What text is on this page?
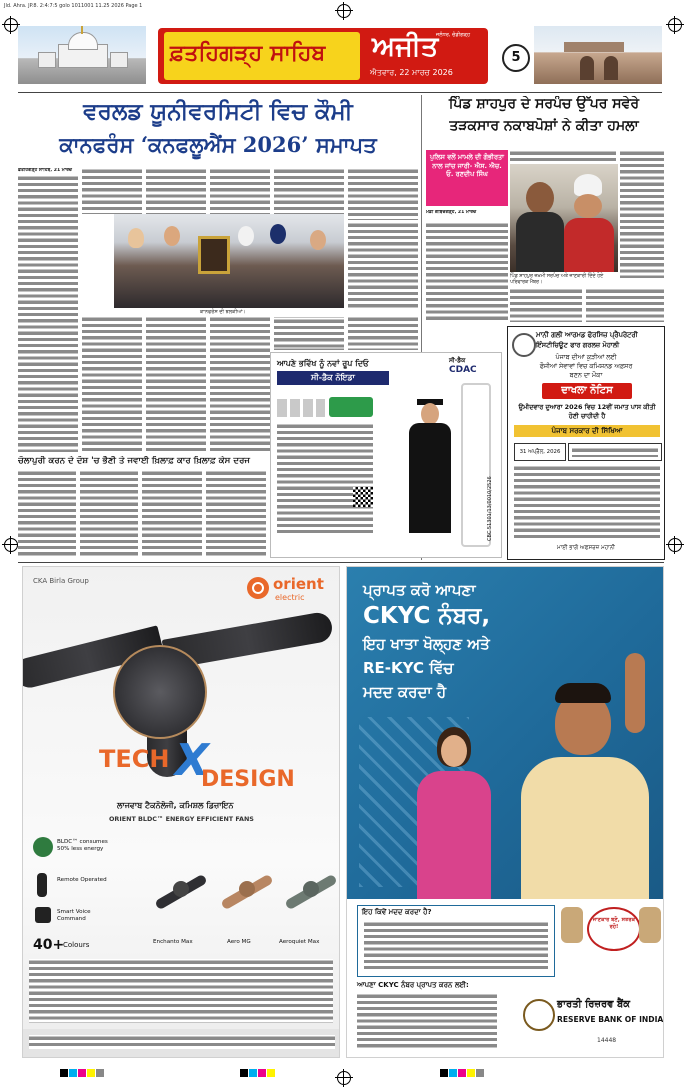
Jld. Ahra. JP.8. 2:4:7:5 golo 1011001 11.25 2026 Page 1
ਫ਼ਤਹਿਗੜ੍ਹ ਸਾਹਿਬ ਅਜੀਤ
ਜਲੰਧਰ, ਚੰਡੀਗੜ੍ਹ
ਐਤਵਾਰ, 22 ਮਾਰਚ 2026
5
ਵਰਲਡ ਯੂਨੀਵਰਸਿਟੀ ਵਿਚ ਕੌਮੀ
ਕਾਨਫਰੰਸ ‘ਕਨਫਲੂਐਂਸ 2026’ ਸਮਾਪਤ
ਫ਼ਤਹਿਗੜ੍ਹ ਸਾਹਿਬ, 21 ਮਾਰਚ
ਕਾਨਫਰੰਸ ਦੀ ਝਲਕੀਆਂ।
ਪਿੰਡ ਸ਼ਾਹਪੁਰ ਦੇ ਸਰਪੰਚ ਉੱਪਰ ਸਵੇਰੇ
ਤੜਕਸਾਰ ਨਕਾਬਪੋਸ਼ਾਂ ਨੇ ਕੀਤਾ ਹਮਲਾ
ਪੁਲਿਸ ਵਲੋਂ ਮਾਮਲੇ ਦੀ ਗੰਭੀਰਤਾ ਨਾਲ ਜਾਂਚ ਜਾਰੀ- ਐਸ. ਐਚ. ਓ. ਰਣਦੀਪ ਸਿੰਘ
ਮੰਡੀ ਗੋਬਿੰਦਗੜ੍ਹ, 21 ਮਾਰਚ
ਪਿੰਡ ਸ਼ਾਹਪੁਰ ਜ਼ਖ਼ਮੀ ਸਰਪੰਚ ਅਤੇ ਜਾਣਕਾਰੀ ਦਿੰਦੇ ਹੋਏ ਪਰਿਵਾਰਕ ਮੈਂਬਰ।
ਮਾਨੀ ਗਲੀ ਆਰਮਡ ਫੋਰਸਿਜ਼ ਪ੍ਰੈਪਰੇਟਰੀ
ਇੰਸਟੀਚਿਊਟ ਫਾਰ ਗਰਲਜ਼ ਮੋਹਾਲੀ
ਪੰਜਾਬ ਦੀਆਂ ਕੁੜੀਆਂ ਲਈ
ਫੌਜੀਆਂ ਸੇਵਾਵਾਂ ਵਿਚ ਕਮਿਸ਼ਨਡ ਅਫ਼ਸਰ
ਬਣਨ ਦਾ ਮੌਕਾ
ਦਾਖਲਾ ਨੋਟਿਸ
ਉਮੀਦਵਾਰ ਦੁਆਰਾ 2026 ਵਿਚ 12ਵੀਂ ਜਮਾਤ ਪਾਸ ਕੀਤੀ ਹੋਣੀ ਚਾਹੀਦੀ ਹੈ
ਪੰਜਾਬ ਸਰਕਾਰ ਦੀ ਸਿੱਖਿਆ
31 ਅਪ੍ਰੈਲ, 2026
ਮਾਈ ਭਾਗੋ ਅਫਸਰਜ਼ ਮਹਾਨੀ
ਆਪਣੇ ਭਵਿੱਖ ਨੂੰ ਨਵਾਂ ਰੂਪ ਦਿਓ
ਸੀ-ਡੈਕ ਨੋਇਡਾ
ਸੀ-ਡੈਕ
CDAC
CBC 51301/13/0010/2526
ਚੋਲਾਪੁਰੀ ਕਰਨ ਦੇ ਦੋਸ਼ 'ਚ ਭੈਣੀ ਤੇ ਜਵਾਈ ਖ਼ਿਲਾਫ਼ ਕਾਰ ਖ਼ਿਲਾਫ਼ ਕੇਸ ਦਰਜ
CKA Birla Group	orient
electric
TECH X
DESIGN
ਲਾਜਵਾਬ ਟੈਕਨੋਲੋਜੀ, ਕਮਿਸ਼ਲ ਡਿਜ਼ਾਇਨ
ORIENT BLDC™ ENERGY EFFICIENT FANS
BLDC™ consumes 50% less energy
Remote Operated
Smart Voice Command
40+
Colours	Enchanto Max	Aero MG	Aeroquiet Max
ਪ੍ਰਾਪਤ ਕਰੋ ਆਪਣਾ
CKYC ਨੰਬਰ,
ਇਹ ਖਾਤਾ ਖੋਲ੍ਹਣ ਅਤੇ
RE-KYC ਵਿੱਚ
ਮਦਦ ਕਰਦਾ ਹੈ
ਇਹ ਕਿਵੇਂ ਮਦਦ ਕਰਦਾ ਹੈ?
ਜਾਣਕਾਰ ਬਣੋ, ਸਤਰਕ ਰਹੋ!
ਆਪਣਾ CKYC ਨੰਬਰ ਪ੍ਰਾਪਤ ਕਰਨ ਲਈ:
ਭਾਰਤੀ ਰਿਜ਼ਰਵ ਬੈਂਕ
RESERVE BANK OF INDIA
14448
